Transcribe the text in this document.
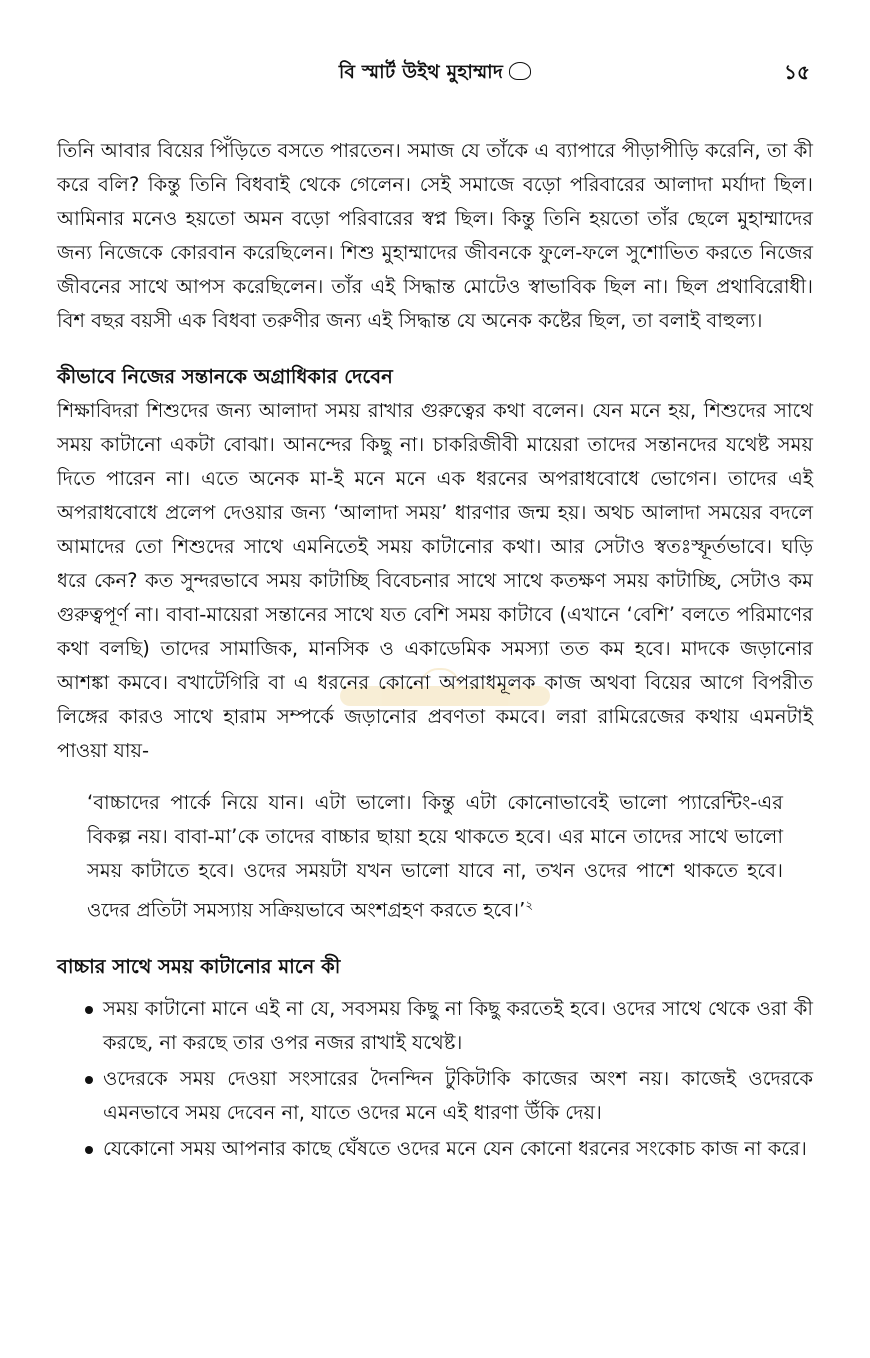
বি স্মার্ট উইথ মুহাম্মাদ	১৫

তিনি আবার বিয়ের পিঁড়িতে বসতে পারতেন। সমাজ যে তাঁকে এ ব্যাপারে পীড়াপীড়ি করেনি, তা কী করে বলি? কিন্তু তিনি বিধবাই থেকে গেলেন। সেই সমাজে বড়ো পরিবারের আলাদা মর্যাদা ছিল। আমিনার মনেও হয়তো অমন বড়ো পরিবারের স্বপ্ন ছিল। কিন্তু তিনি হয়তো তাঁর ছেলে মুহাম্মাদের জন্য নিজেকে কোরবান করেছিলেন। শিশু মুহাম্মাদের জীবনকে ফুলে-ফলে সুশোভিত করতে নিজের জীবনের সাথে আপস করেছিলেন। তাঁর এই সিদ্ধান্ত মোটেও স্বাভাবিক ছিল না। ছিল প্রথাবিরোধী। বিশ বছর বয়সী এক বিধবা তরুণীর জন্য এই সিদ্ধান্ত যে অনেক কষ্টের ছিল, তা বলাই বাহুল্য।

কীভাবে নিজের সন্তানকে অগ্রাধিকার দেবেন

শিক্ষাবিদরা শিশুদের জন্য আলাদা সময় রাখার গুরুত্বের কথা বলেন। যেন মনে হয়, শিশুদের সাথে সময় কাটানো একটা বোঝা। আনন্দের কিছু না। চাকরিজীবী মায়েরা তাদের সন্তানদের যথেষ্ট সময় দিতে পারেন না। এতে অনেক মা-ই মনে মনে এক ধরনের অপরাধবোধে ভোগেন। তাদের এই অপরাধবোধে প্রলেপ দেওয়ার জন্য ‘আলাদা সময়’ ধারণার জন্ম হয়। অথচ আলাদা সময়ের বদলে আমাদের তো শিশুদের সাথে এমনিতেই সময় কাটানোর কথা। আর সেটাও স্বতঃস্ফূর্তভাবে। ঘড়ি ধরে কেন? কত সুন্দরভাবে সময় কাটাচ্ছি বিবেচনার সাথে সাথে কতক্ষণ সময় কাটাচ্ছি, সেটাও কম গুরুত্বপূর্ণ না। বাবা-মায়েরা সন্তানের সাথে যত বেশি সময় কাটাবে (এখানে ‘বেশি’ বলতে পরিমাণের কথা বলছি) তাদের সামাজিক, মানসিক ও একাডেমিক সমস্যা তত কম হবে। মাদকে জড়ানোর আশঙ্কা কমবে। বখাটেগিরি বা এ ধরনের কোনো অপরাধমূলক কাজ অথবা বিয়ের আগে বিপরীত লিঙ্গের কারও সাথে হারাম সম্পর্কে জড়ানোর প্রবণতা কমবে। লরা রামিরেজের কথায় এমনটাই পাওয়া যায়-

‘বাচ্চাদের পার্কে নিয়ে যান। এটা ভালো। কিন্তু এটা কোনোভাবেই ভালো প্যারেন্টিং-এর বিকল্প নয়। বাবা-মা’কে তাদের বাচ্চার ছায়া হয়ে থাকতে হবে। এর মানে তাদের সাথে ভালো সময় কাটাতে হবে। ওদের সময়টা যখন ভালো যাবে না, তখন ওদের পাশে থাকতে হবে। ওদের প্রতিটা সমস্যায় সক্রিয়ভাবে অংশগ্রহণ করতে হবে।’$^২$

বাচ্চার সাথে সময় কাটানোর মানে কী

সময় কাটানো মানে এই না যে, সবসময় কিছু না কিছু করতেই হবে। ওদের সাথে থেকে ওরা কী করছে, না করছে তার ওপর নজর রাখাই যথেষ্ট।
ওদেরকে সময় দেওয়া সংসারের দৈনন্দিন টুকিটাকি কাজের অংশ নয়। কাজেই ওদেরকে এমনভাবে সময় দেবেন না, যাতে ওদের মনে এই ধারণা উঁকি দেয়।
যেকোনো সময় আপনার কাছে ঘেঁষতে ওদের মনে যেন কোনো ধরনের সংকোচ কাজ না করে।
